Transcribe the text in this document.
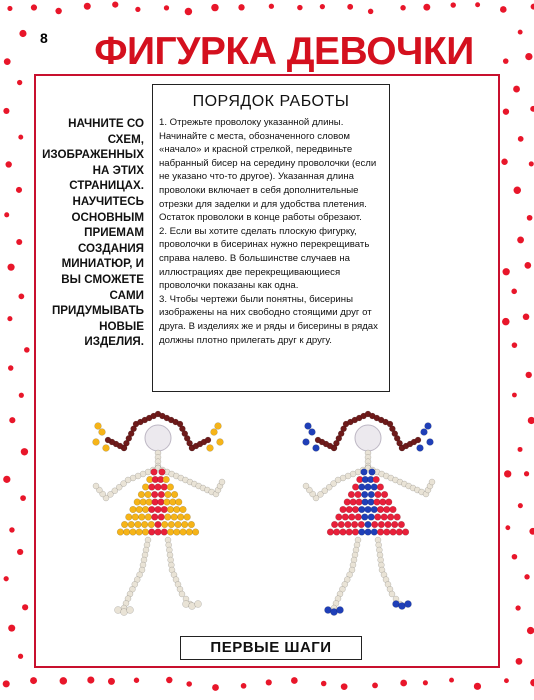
8	ФИГУРКА ДЕВОЧКИ
НАЧНИТЕ СО СХЕМ, ИЗОБРАЖЕННЫХ НА ЭТИХ СТРАНИЦАХ. НАУЧИТЕСЬ ОСНОВНЫМ ПРИЕМАМ СОЗДАНИЯ МИНИАТЮР, И ВЫ СМОЖЕТЕ САМИ ПРИДУМЫВАТЬ НОВЫЕ ИЗДЕЛИЯ.
ПОРЯДОК РАБОТЫ

1. Отрежьте проволоку указанной длины. Начинайте с места, обозначенного словом «начало» и красной стрелкой, передвиньте набранный бисер на середину проволочки (если не указано что-то другое). Указанная длина проволоки включает в себя дополнительные отрезки для заделки и для удобства плетения. Остаток проволоки в конце работы обрезают.

2. Если вы хотите сделать плоскую фигурку, проволочки в бисеринах нужно перекрещивать справа налево. В большинстве случаев на иллюстрациях две перекрещивающиеся проволочки показаны как одна.

3. Чтобы чертежи были понятны, бисерины изображены на них свободно стоящими друг от друга. В изделиях же и ряды и бисерины в рядах должны плотно прилегать друг к другу.

ПЕРВЫЕ ШАГИ
